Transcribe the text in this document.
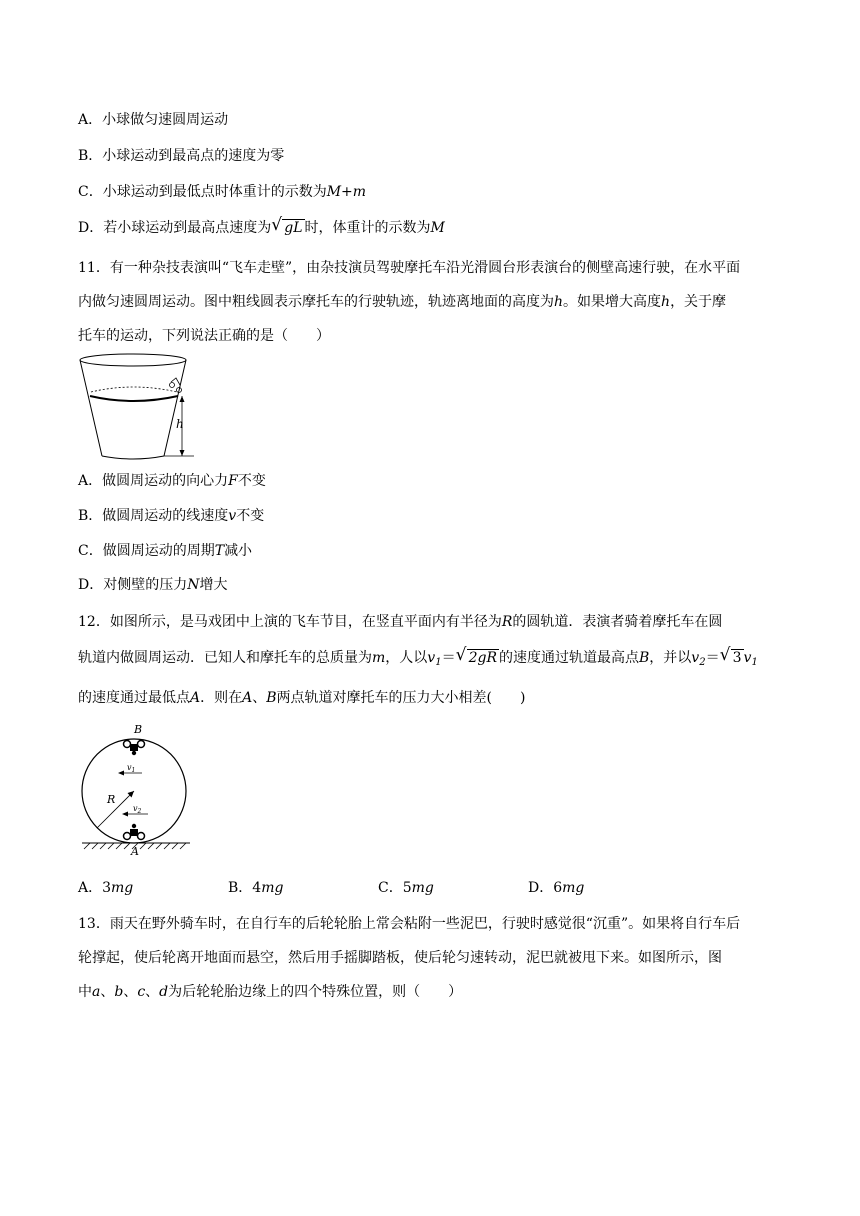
A．小球做匀速圆周运动
B．小球运动到最高点的速度为零
C．小球运动到最低点时体重计的示数为M+m
D．若小球运动到最高点速度为 √ gL 时，体重计的示数为M
11．有一种杂技表演叫“飞车走壁”，由杂技演员驾驶摩托车沿光滑圆台形表演台的侧壁高速行驶，在水平面
内做匀速圆周运动。图中粗线圆表示摩托车的行驶轨迹，轨迹离地面的高度为h。如果增大高度h，关于摩
托车的运动，下列说法正确的是（　　）
h
A．做圆周运动的向心力F不变
B．做圆周运动的线速度v不变
C．做圆周运动的周期T减小
D．对侧壁的压力N增大
12．如图所示，是马戏团中上演的飞车节目，在竖直平面内有半径为R的圆轨道．表演者骑着摩托车在圆
轨道内做圆周运动．已知人和摩托车的总质量为m，人以$v_1=$ √ 2gR 的速度通过轨道最高点B，并以$v_2=$ √ 3 $v_1$
的速度通过最低点A．则在A、B两点轨道对摩托车的压力大小相差(　　)
B
A
R
$v_1$
$v_2$
A．3mg	B．4mg	C．5mg	D．6mg
13．雨天在野外骑车时，在自行车的后轮轮胎上常会粘附一些泥巴，行驶时感觉很“沉重”。如果将自行车后
轮撑起，使后轮离开地面而悬空，然后用手摇脚踏板，使后轮匀速转动，泥巴就被甩下来。如图所示，图
中a、b、c、d为后轮轮胎边缘上的四个特殊位置，则（　　）
